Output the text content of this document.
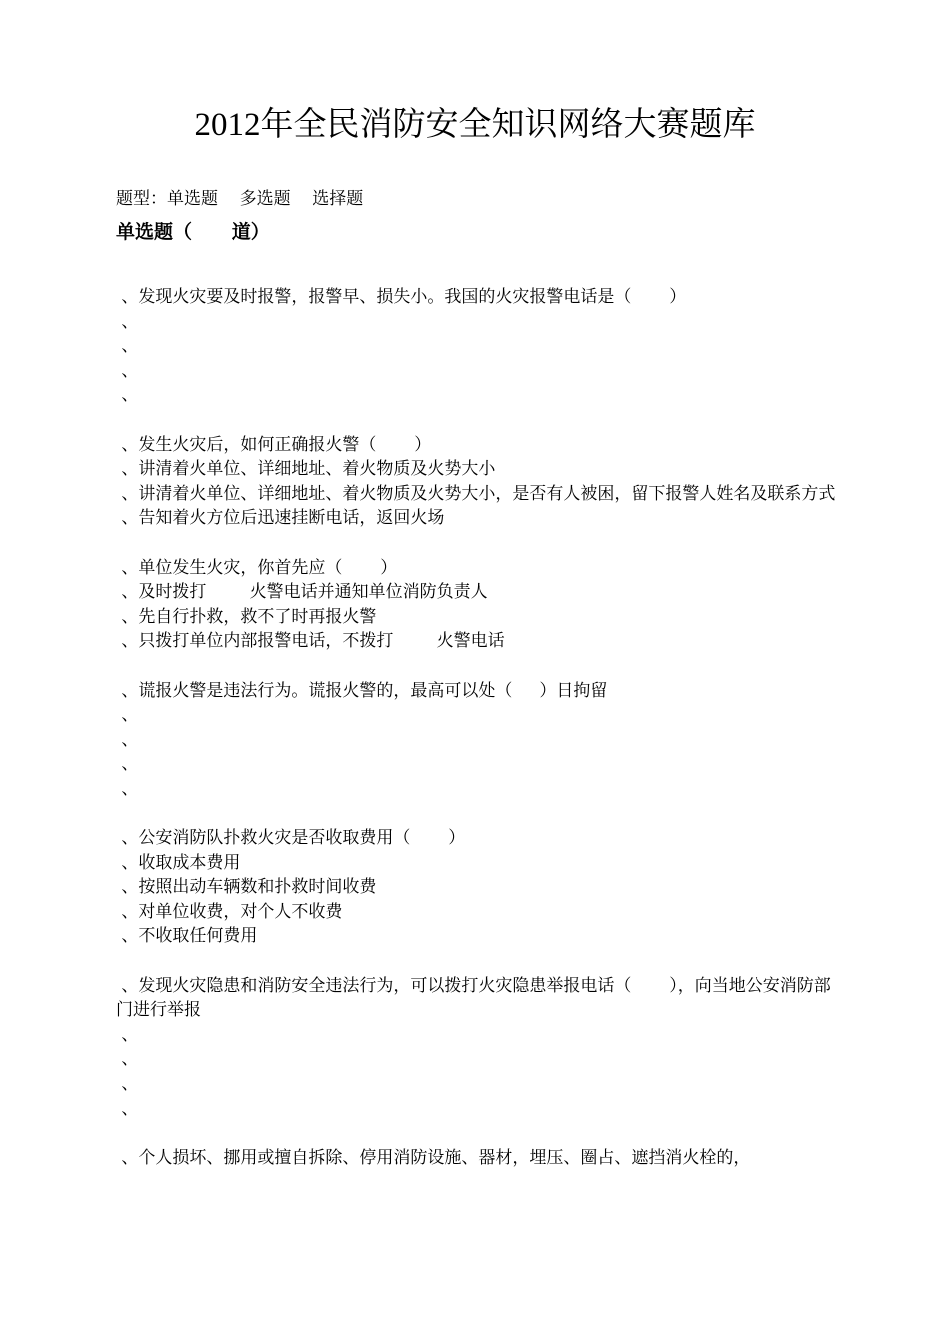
2012年全民消防安全知识网络大赛题库
题型：单选题    多选题    选择题
单选题（      道）
、发现火灾要及时报警，报警早、损失小。我国的火灾报警电话是（       ）
、
、
、
、
、发生火灾后，如何正确报火警（       ）
、讲清着火单位、详细地址、着火物质及火势大小
、讲清着火单位、详细地址、着火物质及火势大小，是否有人被困，留下报警人姓名及联系方式
、告知着火方位后迅速挂断电话，返回火场
、单位发生火灾，你首先应（       ）
、及时拨打        火警电话并通知单位消防负责人
、先自行扑救，救不了时再报火警
、只拨打单位内部报警电话，不拨打        火警电话
、谎报火警是违法行为。谎报火警的，最高可以处（     ）日拘留
、
、
、
、
、公安消防队扑救火灾是否收取费用（       ）
、收取成本费用
、按照出动车辆数和扑救时间收费
、对单位收费，对个人不收费
、不收取任何费用
、发现火灾隐患和消防安全违法行为，可以拨打火灾隐患举报电话（       ），向当地公安消防部门进行举报
、
、
、
、
、个人损坏、挪用或擅自拆除、停用消防设施、器材，埋压、圈占、遮挡消火栓的，
